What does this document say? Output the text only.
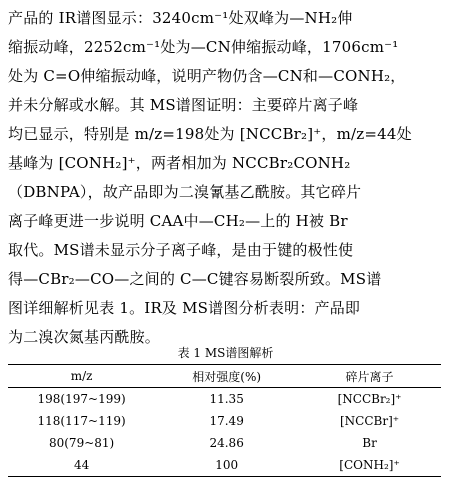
产品的 IR谱图显示：3240cm⁻¹处双峰为—NH₂伸
缩振动峰，2252cm⁻¹处为—CN伸缩振动峰，1706cm⁻¹
处为 C=O伸缩振动峰，说明产物仍含—CN和—CONH₂，
并未分解或水解。其 MS谱图证明：主要碎片离子峰
均已显示，特别是 m/z=198处为 [NCCBr₂]⁺，m/z=44处
基峰为 [CONH₂]⁺，两者相加为 NCCBr₂CONH₂
（DBNPA），故产品即为二溴氰基乙酰胺。其它碎片
离子峰更进一步说明 CAA中—CH₂—上的 H被 Br
取代。MS谱未显示分子离子峰，是由于键的极性使
得—CBr₂—CO—之间的 C—C键容易断裂所致。MS谱
图详细解析见表 1。IR及 MS谱图分析表明：产品即
为二溴次氮基丙酰胺。
表 1 MS谱图解析
m/z	相对强度(%)	碎片离子
198(197~199)	11.35	[NCCBr₂]⁺
118(117~119)	17.49	[NCCBr]⁺
80(79~81)	24.86	Br
44	100	[CONH₂]⁺
